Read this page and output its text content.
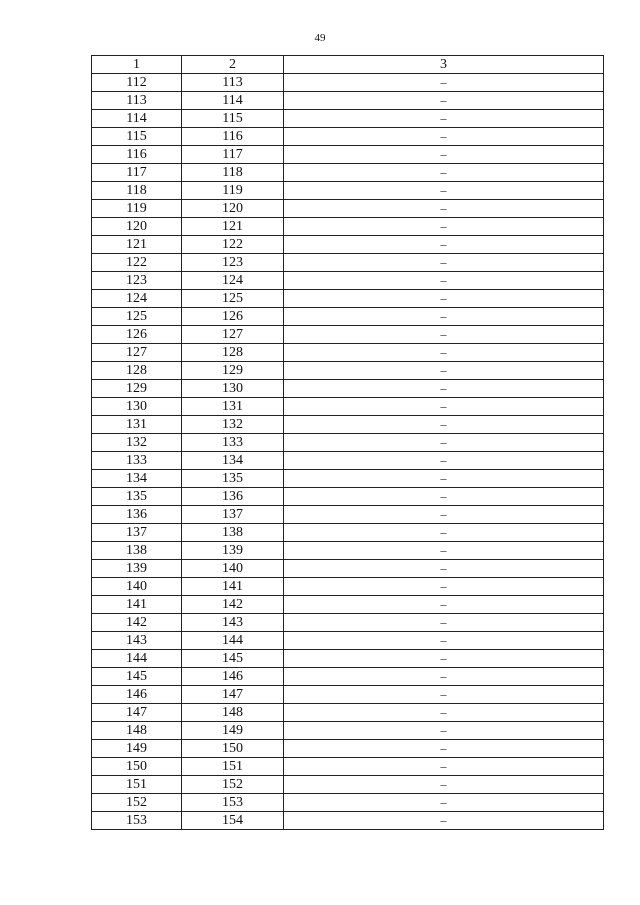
49
1	2	3
112	113	–
113	114	–
114	115	–
115	116	–
116	117	–
117	118	–
118	119	–
119	120	–
120	121	–
121	122	–
122	123	–
123	124	–
124	125	–
125	126	–
126	127	–
127	128	–
128	129	–
129	130	–
130	131	–
131	132	–
132	133	–
133	134	–
134	135	–
135	136	–
136	137	–
137	138	–
138	139	–
139	140	–
140	141	–
141	142	–
142	143	–
143	144	–
144	145	–
145	146	–
146	147	–
147	148	–
148	149	–
149	150	–
150	151	–
151	152	–
152	153	–
153	154	–
